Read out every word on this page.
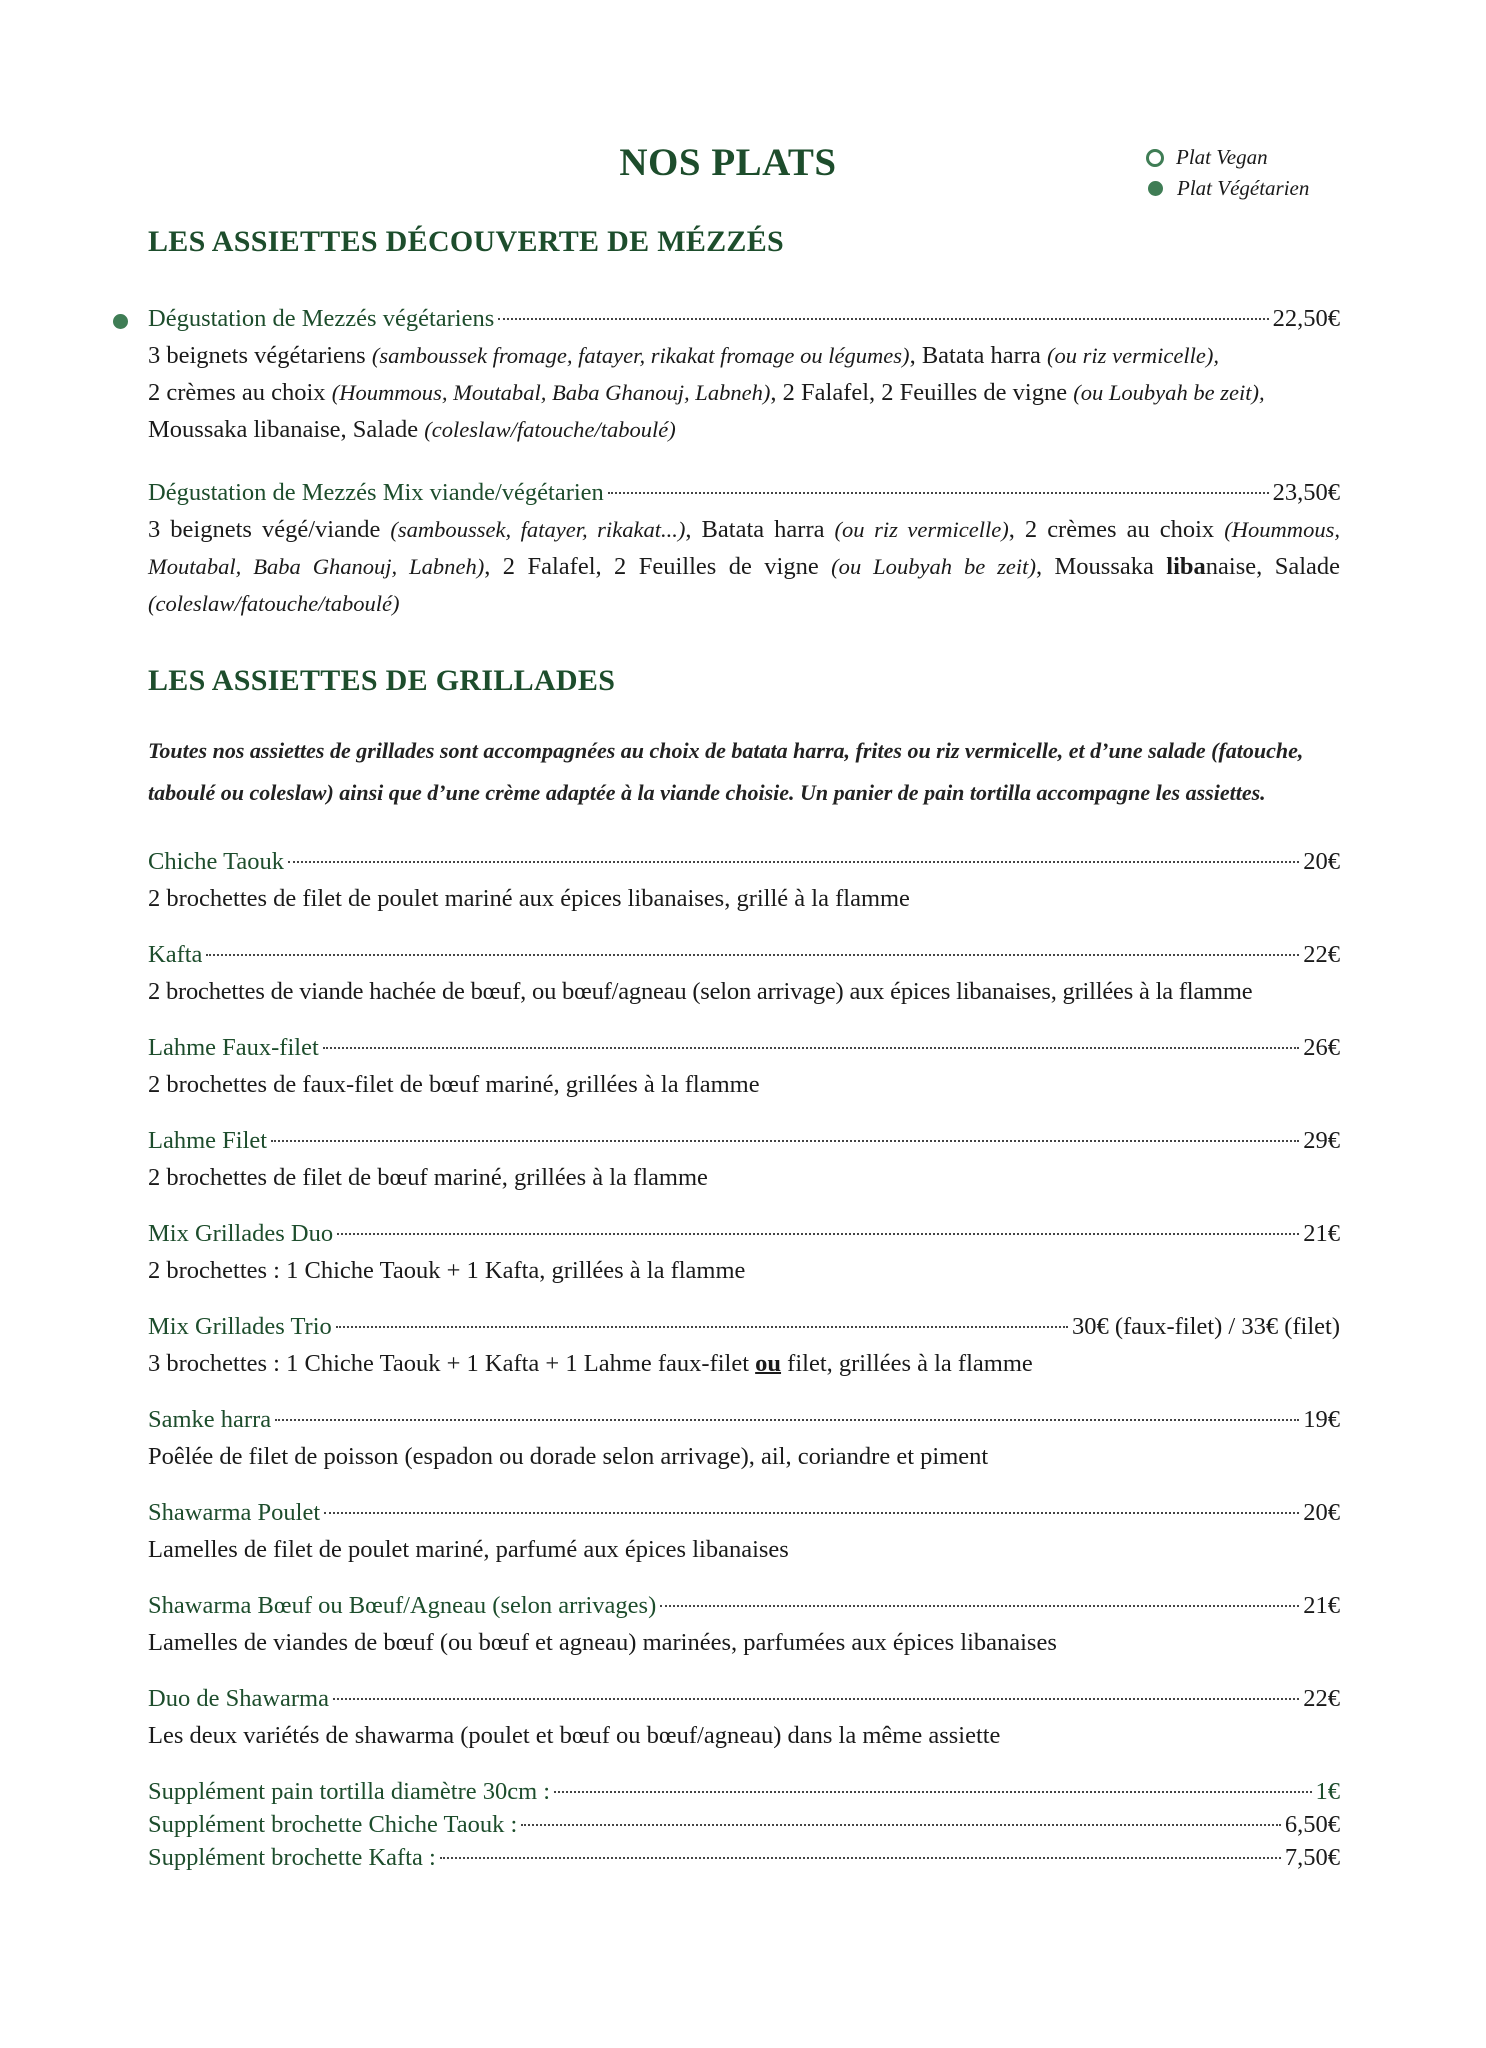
NOS PLATS	Plat Vegan
Plat Végétarien
LES ASSIETTES DÉCOUVERTE DE MÉZZÉS
Dégustation de Mezzés végétariens	22,50€
3 beignets végétariens (samboussek fromage, fatayer, rikakat fromage ou légumes), Batata harra (ou riz vermicelle),
2 crèmes au choix (Hoummous, Moutabal, Baba Ghanouj, Labneh), 2 Falafel, 2 Feuilles de vigne (ou Loubyah be zeit),
Moussaka libanaise, Salade (coleslaw/fatouche/taboulé)
Dégustation de Mezzés Mix viande/végétarien	23,50€
3 beignets végé/viande (samboussek, fatayer, rikakat...), Batata harra (ou riz vermicelle), 2 crèmes au choix (Hoummous, Moutabal, Baba Ghanouj, Labneh), 2 Falafel, 2 Feuilles de vigne (ou Loubyah be zeit), Moussaka libanaise, Salade (coleslaw/fatouche/taboulé)
LES ASSIETTES DE GRILLADES
Toutes nos assiettes de grillades sont accompagnées au choix de batata harra, frites ou riz vermicelle, et d’une salade (fatouche, taboulé ou coleslaw) ainsi que d’une crème adaptée à la viande choisie. Un panier de pain tortilla accompagne les assiettes.
Chiche Taouk	20€
2 brochettes de filet de poulet mariné aux épices libanaises, grillé à la flamme
Kafta	22€
2 brochettes de viande hachée de bœuf, ou bœuf/agneau (selon arrivage) aux épices libanaises, grillées à la flamme
Lahme Faux-filet	26€
2 brochettes de faux-filet de bœuf mariné, grillées à la flamme
Lahme Filet	29€
2 brochettes de filet de bœuf mariné, grillées à la flamme
Mix Grillades Duo	21€
2 brochettes : 1 Chiche Taouk + 1 Kafta, grillées à la flamme
Mix Grillades Trio	30€ (faux-filet) / 33€ (filet)
3 brochettes : 1 Chiche Taouk + 1 Kafta + 1 Lahme faux-filet ou filet, grillées à la flamme
Samke harra	19€
Poêlée de filet de poisson (espadon ou dorade selon arrivage), ail, coriandre et piment
Shawarma Poulet	20€
Lamelles de filet de poulet mariné, parfumé aux épices libanaises
Shawarma Bœuf ou Bœuf/Agneau (selon arrivages)	21€
Lamelles de viandes de bœuf (ou bœuf et agneau) marinées, parfumées aux épices libanaises
Duo de Shawarma	22€
Les deux variétés de shawarma (poulet et bœuf ou bœuf/agneau) dans la même assiette
Supplément pain tortilla diamètre 30cm :	1€
Supplément brochette Chiche Taouk :	6,50€
Supplément brochette Kafta :	7,50€
